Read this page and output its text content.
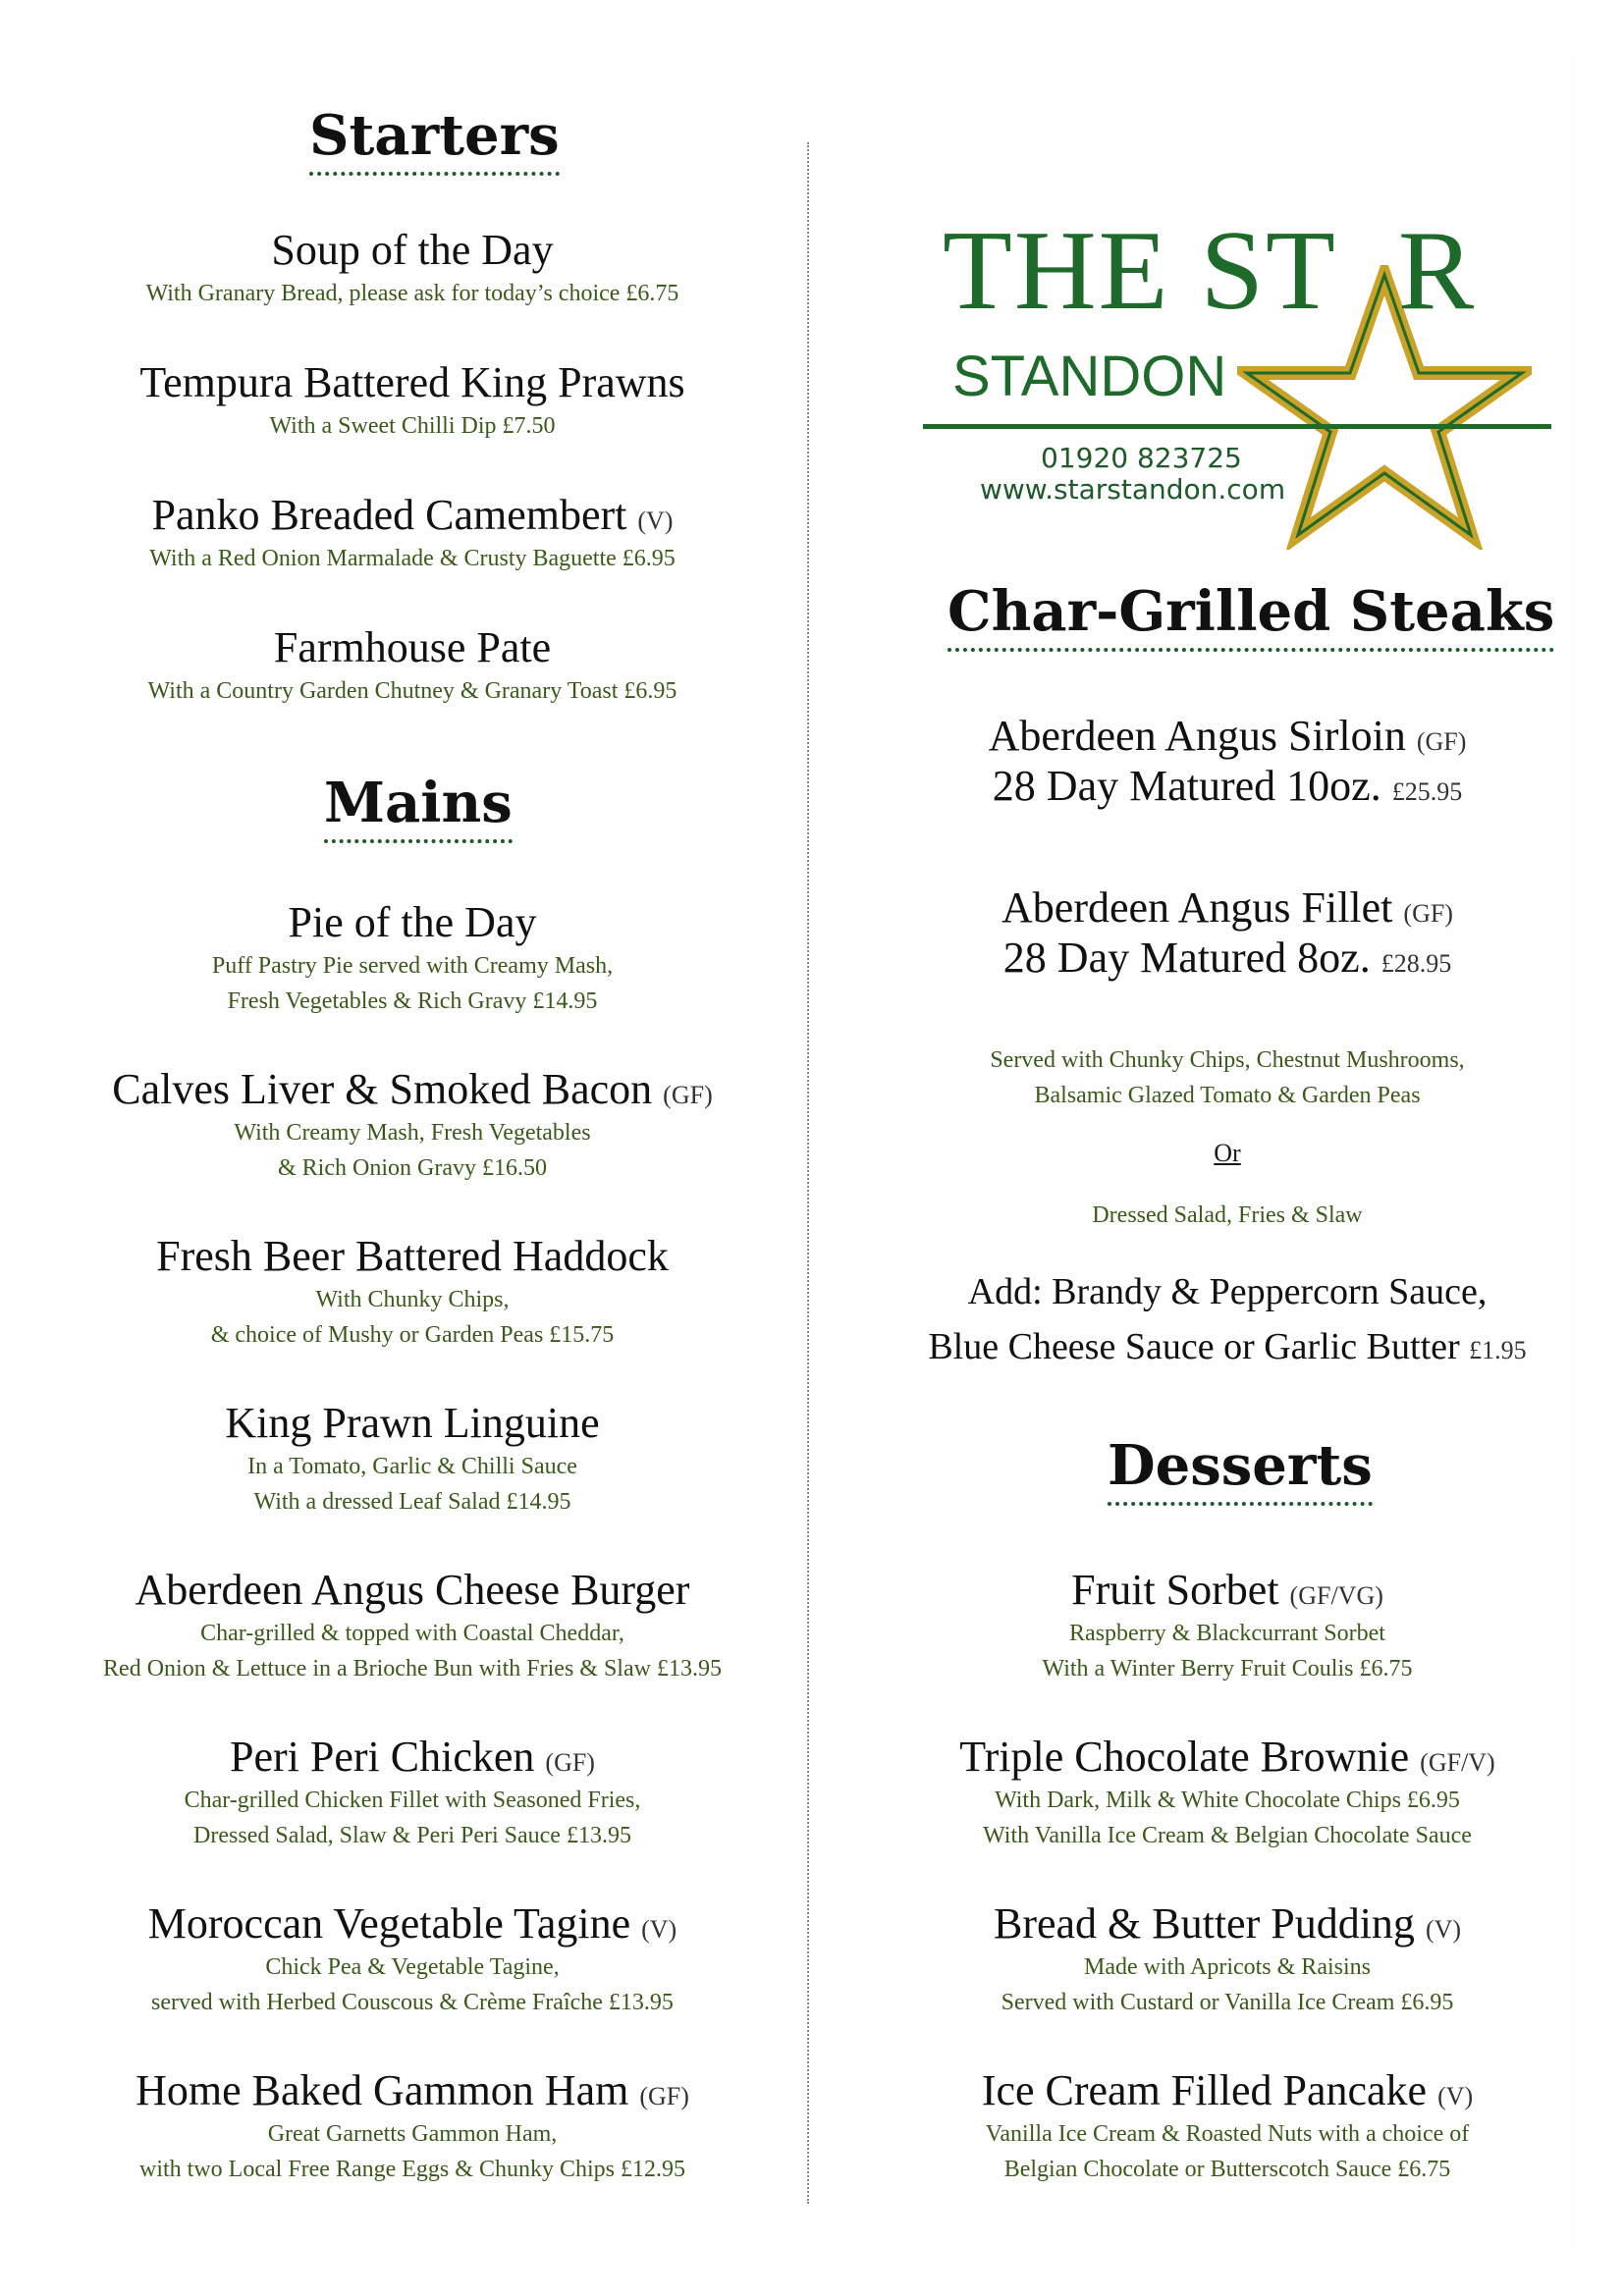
Starters
Soup of the Day
With Granary Bread, please ask for today’s choice £6.75
Tempura Battered King Prawns
With a Sweet Chilli Dip £7.50
Panko Breaded Camembert (V)
With a Red Onion Marmalade & Crusty Baguette £6.95
Farmhouse Pate
With a Country Garden Chutney & Granary Toast £6.95
Mains
Pie of the Day
Puff Pastry Pie served with Creamy Mash,
Fresh Vegetables & Rich Gravy £14.95
Calves Liver & Smoked Bacon (GF)
With Creamy Mash, Fresh Vegetables
& Rich Onion Gravy £16.50
Fresh Beer Battered Haddock
With Chunky Chips,
& choice of Mushy or Garden Peas £15.75
King Prawn Linguine
In a Tomato, Garlic & Chilli Sauce
With a dressed Leaf Salad £14.95
Aberdeen Angus Cheese Burger
Char-grilled & topped with Coastal Cheddar,
Red Onion & Lettuce in a Brioche Bun with Fries & Slaw £13.95
Peri Peri Chicken (GF)
Char-grilled Chicken Fillet with Seasoned Fries,
Dressed Salad, Slaw & Peri Peri Sauce £13.95
Moroccan Vegetable Tagine (V)
Chick Pea & Vegetable Tagine,
served with Herbed Couscous & Crème Fraîche £13.95
Home Baked Gammon Ham (GF)
Great Garnetts Gammon Ham,
with two Local Free Range Eggs & Chunky Chips £12.95
THE ST  R
STANDON
01920 823725
www.starstandon.com
Char-Grilled Steaks
Aberdeen Angus Sirloin (GF)
28 Day Matured 10oz. £25.95
Aberdeen Angus Fillet (GF)
28 Day Matured 8oz. £28.95
Served with Chunky Chips, Chestnut Mushrooms,
Balsamic Glazed Tomato & Garden Peas
Or
Dressed Salad, Fries & Slaw
Add: Brandy & Peppercorn Sauce,
Blue Cheese Sauce or Garlic Butter £1.95
Desserts
Fruit Sorbet (GF/VG)
Raspberry & Blackcurrant Sorbet
With a Winter Berry Fruit Coulis £6.75
Triple Chocolate Brownie (GF/V)
With Dark, Milk & White Chocolate Chips £6.95
With Vanilla Ice Cream & Belgian Chocolate Sauce
Bread & Butter Pudding (V)
Made with Apricots & Raisins
Served with Custard or Vanilla Ice Cream £6.95
Ice Cream Filled Pancake (V)
Vanilla Ice Cream & Roasted Nuts with a choice of
Belgian Chocolate or Butterscotch Sauce £6.75
